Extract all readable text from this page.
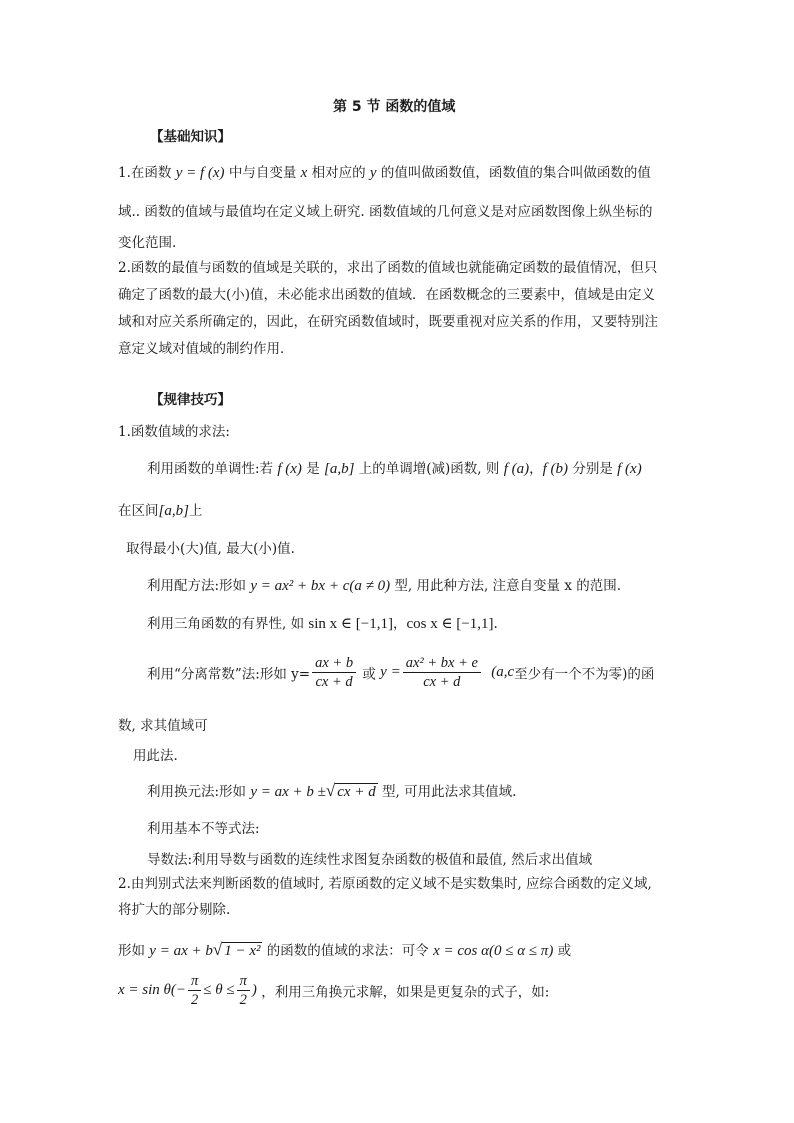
第 5 节 函数的值域
【基础知识】
1.在函数 y = f (x) 中与自变量 x 相对应的 y 的值叫做函数值，函数值的集合叫做函数的值
域.. 函数的值域与最值均在定义域上研究. 函数值域的几何意义是对应函数图像上纵坐标的
变化范围.
2.函数的最值与函数的值域是关联的，求出了函数的值域也就能确定函数的最值情况，但只
确定了函数的最大(小)值，未必能求出函数的值域．在函数概念的三要素中，值域是由定义
域和对应关系所确定的，因此，在研究函数值域时，既要重视对应关系的作用，又要特别注
意定义域对值域的制约作用．
【规律技巧】
1.函数值域的求法:
利用函数的单调性:若 f (x) 是 [a,b] 上的单调增(减)函数, 则 f (a)，f (b) 分别是 f (x)
在区间[a,b]上
取得最小(大)值, 最大(小)值.
利用配方法:形如 y = ax² + bx + c(a ≠ 0) 型, 用此种方法, 注意自变量 x 的范围.
利用三角函数的有界性, 如 sin x ∈ [−1,1]，cos x ∈ [−1,1].
利用“分离常数”法:形如 $y= \frac{ax + b}{cx + d}$ 或 $y = \frac{\text{ax² + bx + e}}{cx + d} (a,c$至少有一个不为零)的函
数, 求其值域可
用此法.
利用换元法:形如 y = ax + b ±√ cx + d 型, 可用此法求其值域.
利用基本不等式法:
导数法:利用导数与函数的连续性求图复杂函数的极值和最值, 然后求出值域
2.由判别式法来判断函数的值域时, 若原函数的定义域不是实数集时, 应综合函数的定义域,
将扩大的部分剔除.
形如 y = ax + b√ 1 − x² 的函数的值域的求法：可令 x = cos α(0 ≤ α ≤ π) 或
$x = \sin \theta(- \frac{\pi}{2} \le \theta \le \frac{\pi}{2}$ ) ，利用三角换元求解，如果是更复杂的式子，如:
